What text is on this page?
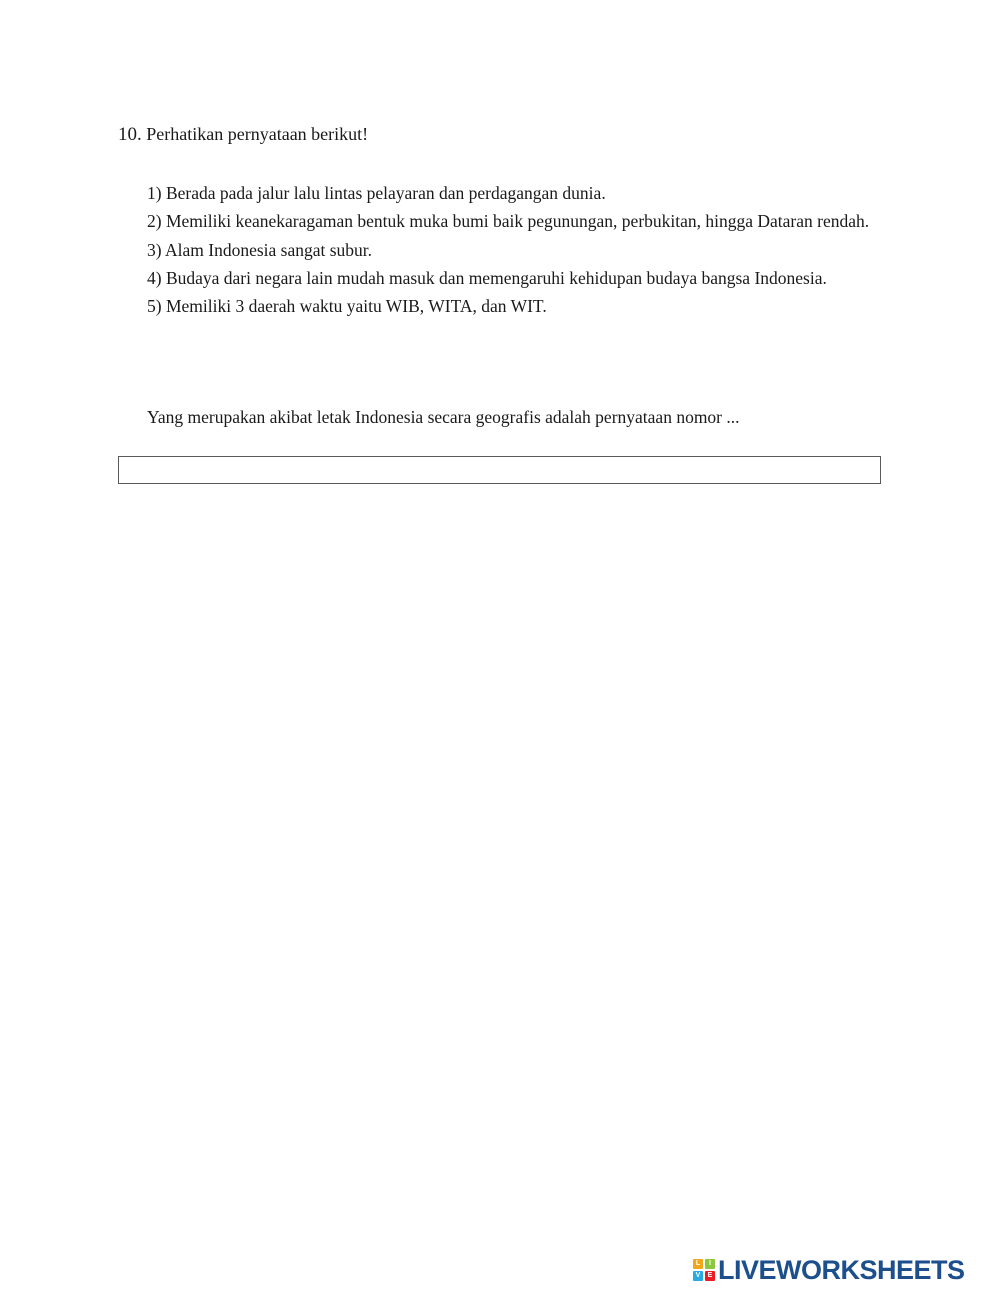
10. Perhatikan pernyataan berikut!
1) Berada pada jalur lalu lintas pelayaran dan perdagangan dunia.
2) Memiliki keanekaragaman bentuk muka bumi baik pegunungan, perbukitan, hingga Dataran rendah.
3) Alam Indonesia sangat subur.
4) Budaya dari negara lain mudah masuk dan memengaruhi kehidupan budaya bangsa Indonesia.
5) Memiliki 3 daerah waktu yaitu WIB, WITA, dan WIT.
Yang merupakan akibat letak Indonesia secara geografis adalah pernyataan nomor ...
L	I
V	E LIVEWORKSHEETS
